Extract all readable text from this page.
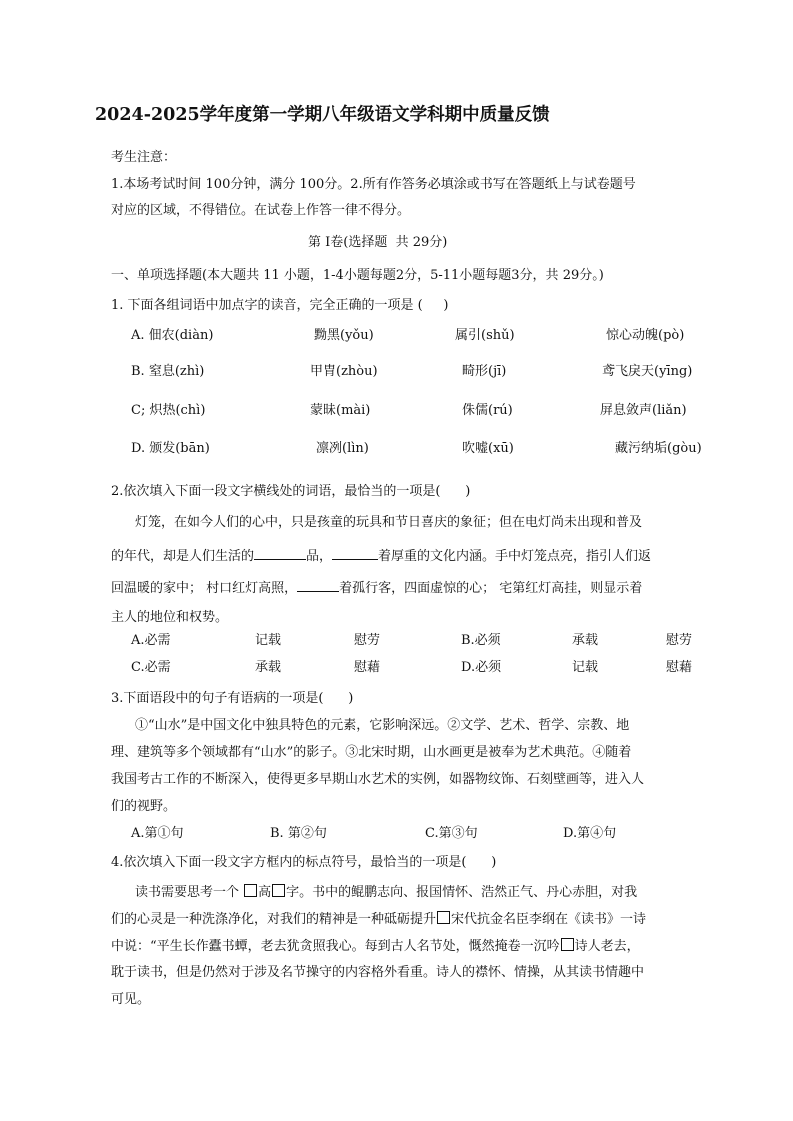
2024-2025学年度第一学期八年级语文学科期中质量反馈
考生注意：
1.本场考试时间 100分钟，满分 100分。2.所有作答务必填涂或书写在答题纸上与试卷题号
对应的区域，不得错位。在试卷上作答一律不得分。
第 Ⅰ卷(选择题  共 29分)
一、单项选择题(本大题共 11 小题，1-4小题每题2分，5-11小题每题3分，共 29分。)
1. 下面各组词语中加点字的读音，完全正确的一项是 (     )
A. 佃农(diàn)	黝黑(yǒu)	属引(shǔ)	惊心动魄(pò)
B. 窒息(zhì)	甲胄(zhòu)	畸形(jī)	鸢飞戾天(yīng)
C; 炽热(chì)	蒙昧(mài)	侏儒(rú)	屏息敛声(liǎn)
D. 颁发(bān)	凛冽(lìn)	吹嘘(xū)	藏污纳垢(gòu)
2.依次填入下面一段文字横线处的词语，最恰当的一项是(      )
灯笼，在如今人们的心中，只是孩童的玩具和节日喜庆的象征；但在电灯尚未出现和普及
的年代，却是人们生活的	品，	着厚重的文化内涵。手中灯笼点亮，指引人们返
回温暖的家中； 村口红灯高照，	着孤行客，四面虚惊的心； 宅第红灯高挂，则显示着
主人的地位和权势。
A.必需	记载	慰劳	B.必须	承载	慰劳
C.必需	承载	慰藉	D.必须	记载	慰藉
3.下面语段中的句子有语病的一项是(      )
①“山水”是中国文化中独具特色的元素，它影响深远。②文学、艺术、哲学、宗教、地
理、建筑等多个领域都有“山水”的影子。③北宋时期，山水画更是被奉为艺术典范。④随着
我国考古工作的不断深入，使得更多早期山水艺术的实例，如器物纹饰、石刻壁画等，进入人
们的视野。
A.第①句	B. 第②句	C.第③句	D.第④句
4.依次填入下面一段文字方框内的标点符号，最恰当的一项是(      )
读书需要思考一个 高 字。书中的鲲鹏志向、报国情怀、浩然正气、丹心赤胆，对我
们的心灵是一种洗涤净化，对我们的精神是一种砥砺提升 宋代抗金名臣李纲在《读书》一诗
中说：“平生长作蠹书蟫，老去犹贪照我心。每到古人名节处，慨然掩卷一沉吟 诗人老去，
耽于读书，但是仍然对于涉及名节操守的内容格外看重。诗人的襟怀、情操，从其读书情趣中
可见。
